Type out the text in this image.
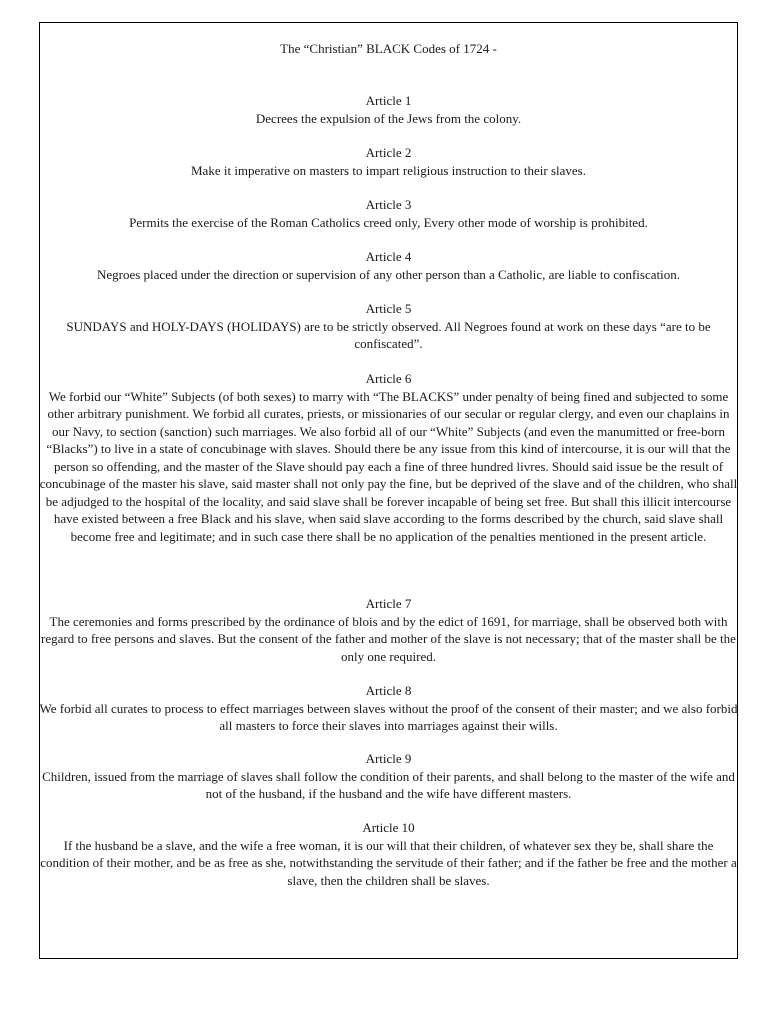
The “Christian” BLACK Codes of 1724 -
Article 1

Decrees the expulsion of the Jews from the colony.

Article 2

Make it imperative on masters to impart religious instruction to their slaves.

Article 3

Permits the exercise of the Roman Catholics creed only, Every other mode of worship is prohibited.

Article 4

Negroes placed under the direction or supervision of any other person than a Catholic, are liable to confiscation.

Article 5

SUNDAYS and HOLY-DAYS (HOLIDAYS) are to be strictly observed. All Negroes found at work on these days “are to be confiscated”.

Article 6

We forbid our “White” Subjects (of both sexes) to marry with “The BLACKS” under penalty of being fined and subjected to some other arbitrary punishment. We forbid all curates, priests, or missionaries of our secular or regular clergy, and even our chaplains in our Navy, to section (sanction) such marriages. We also forbid all of our “White” Subjects (and even the manumitted or free-born “Blacks”) to live in a state of concubinage with slaves. Should there be any issue from this kind of intercourse, it is our will that the person so offending, and the master of the Slave should pay each a fine of three hundred livres. Should said issue be the result of concubinage of the master his slave, said master shall not only pay the fine, but be deprived of the slave and of the children, who shall be adjudged to the hospital of the locality, and said slave shall be forever incapable of being set free. But shall this illicit intercourse have existed between a free Black and his slave, when said slave according to the forms described by the church, said slave shall become free and legitimate; and in such case there shall be no application of the penalties mentioned in the present article.

Article 7

The ceremonies and forms prescribed by the ordinance of blois and by the edict of 1691, for marriage, shall be observed both with regard to free persons and slaves. But the consent of the father and mother of the slave is not necessary; that of the master shall be the only one required.

Article 8

We forbid all curates to process to effect marriages between slaves without the proof of the consent of their master; and we also forbid all masters to force their slaves into marriages against their wills.

Article 9

Children, issued from the marriage of slaves shall follow the condition of their parents, and shall belong to the master of the wife and not of the husband, if the husband and the wife have different masters.

Article 10

If the husband be a slave, and the wife a free woman, it is our will that their children, of whatever sex they be, shall share the condition of their mother, and be as free as she, notwithstanding the servitude of their father; and if the father be free and the mother a slave, then the children shall be slaves.
